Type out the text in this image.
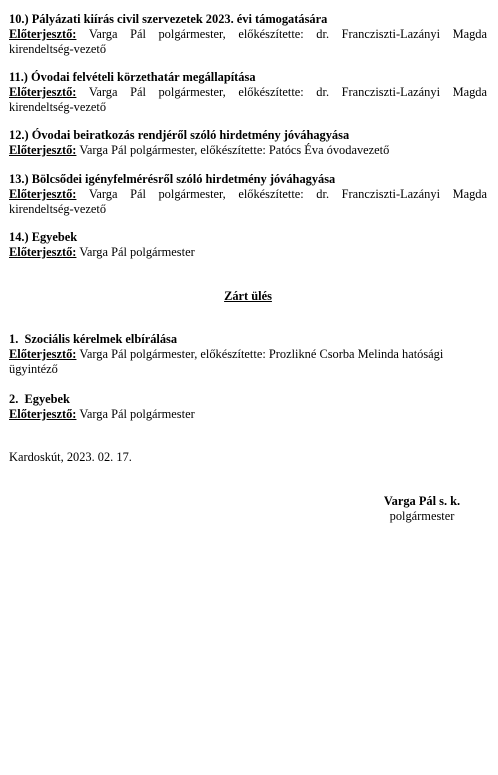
10.) Pályázati kiírás civil szervezetek 2023. évi támogatására

Előterjesztő: Varga Pál polgármester, előkészítette: dr. Francziszti-Lazányi Magda kirendeltség-vezető

11.) Óvodai felvételi körzethatár megállapítása

Előterjesztő: Varga Pál polgármester, előkészítette: dr. Francziszti-Lazányi Magda kirendeltség-vezető

12.) Óvodai beiratkozás rendjéről szóló hirdetmény jóváhagyása

Előterjesztő: Varga Pál polgármester, előkészítette: Patócs Éva óvodavezető

13.) Bölcsődei igényfelmérésről szóló hirdetmény jóváhagyása

Előterjesztő: Varga Pál polgármester, előkészítette: dr. Francziszti-Lazányi Magda kirendeltség-vezető

14.) Egyebek

Előterjesztő: Varga Pál polgármester

Zárt ülés

1.  Szociális kérelmek elbírálása

Előterjesztő: Varga Pál polgármester, előkészítette: Prozlikné Csorba Melinda hatósági ügyintéző

2.  Egyebek

Előterjesztő: Varga Pál polgármester

Kardoskút, 2023. 02. 17.

Varga Pál s. k.
polgármester
